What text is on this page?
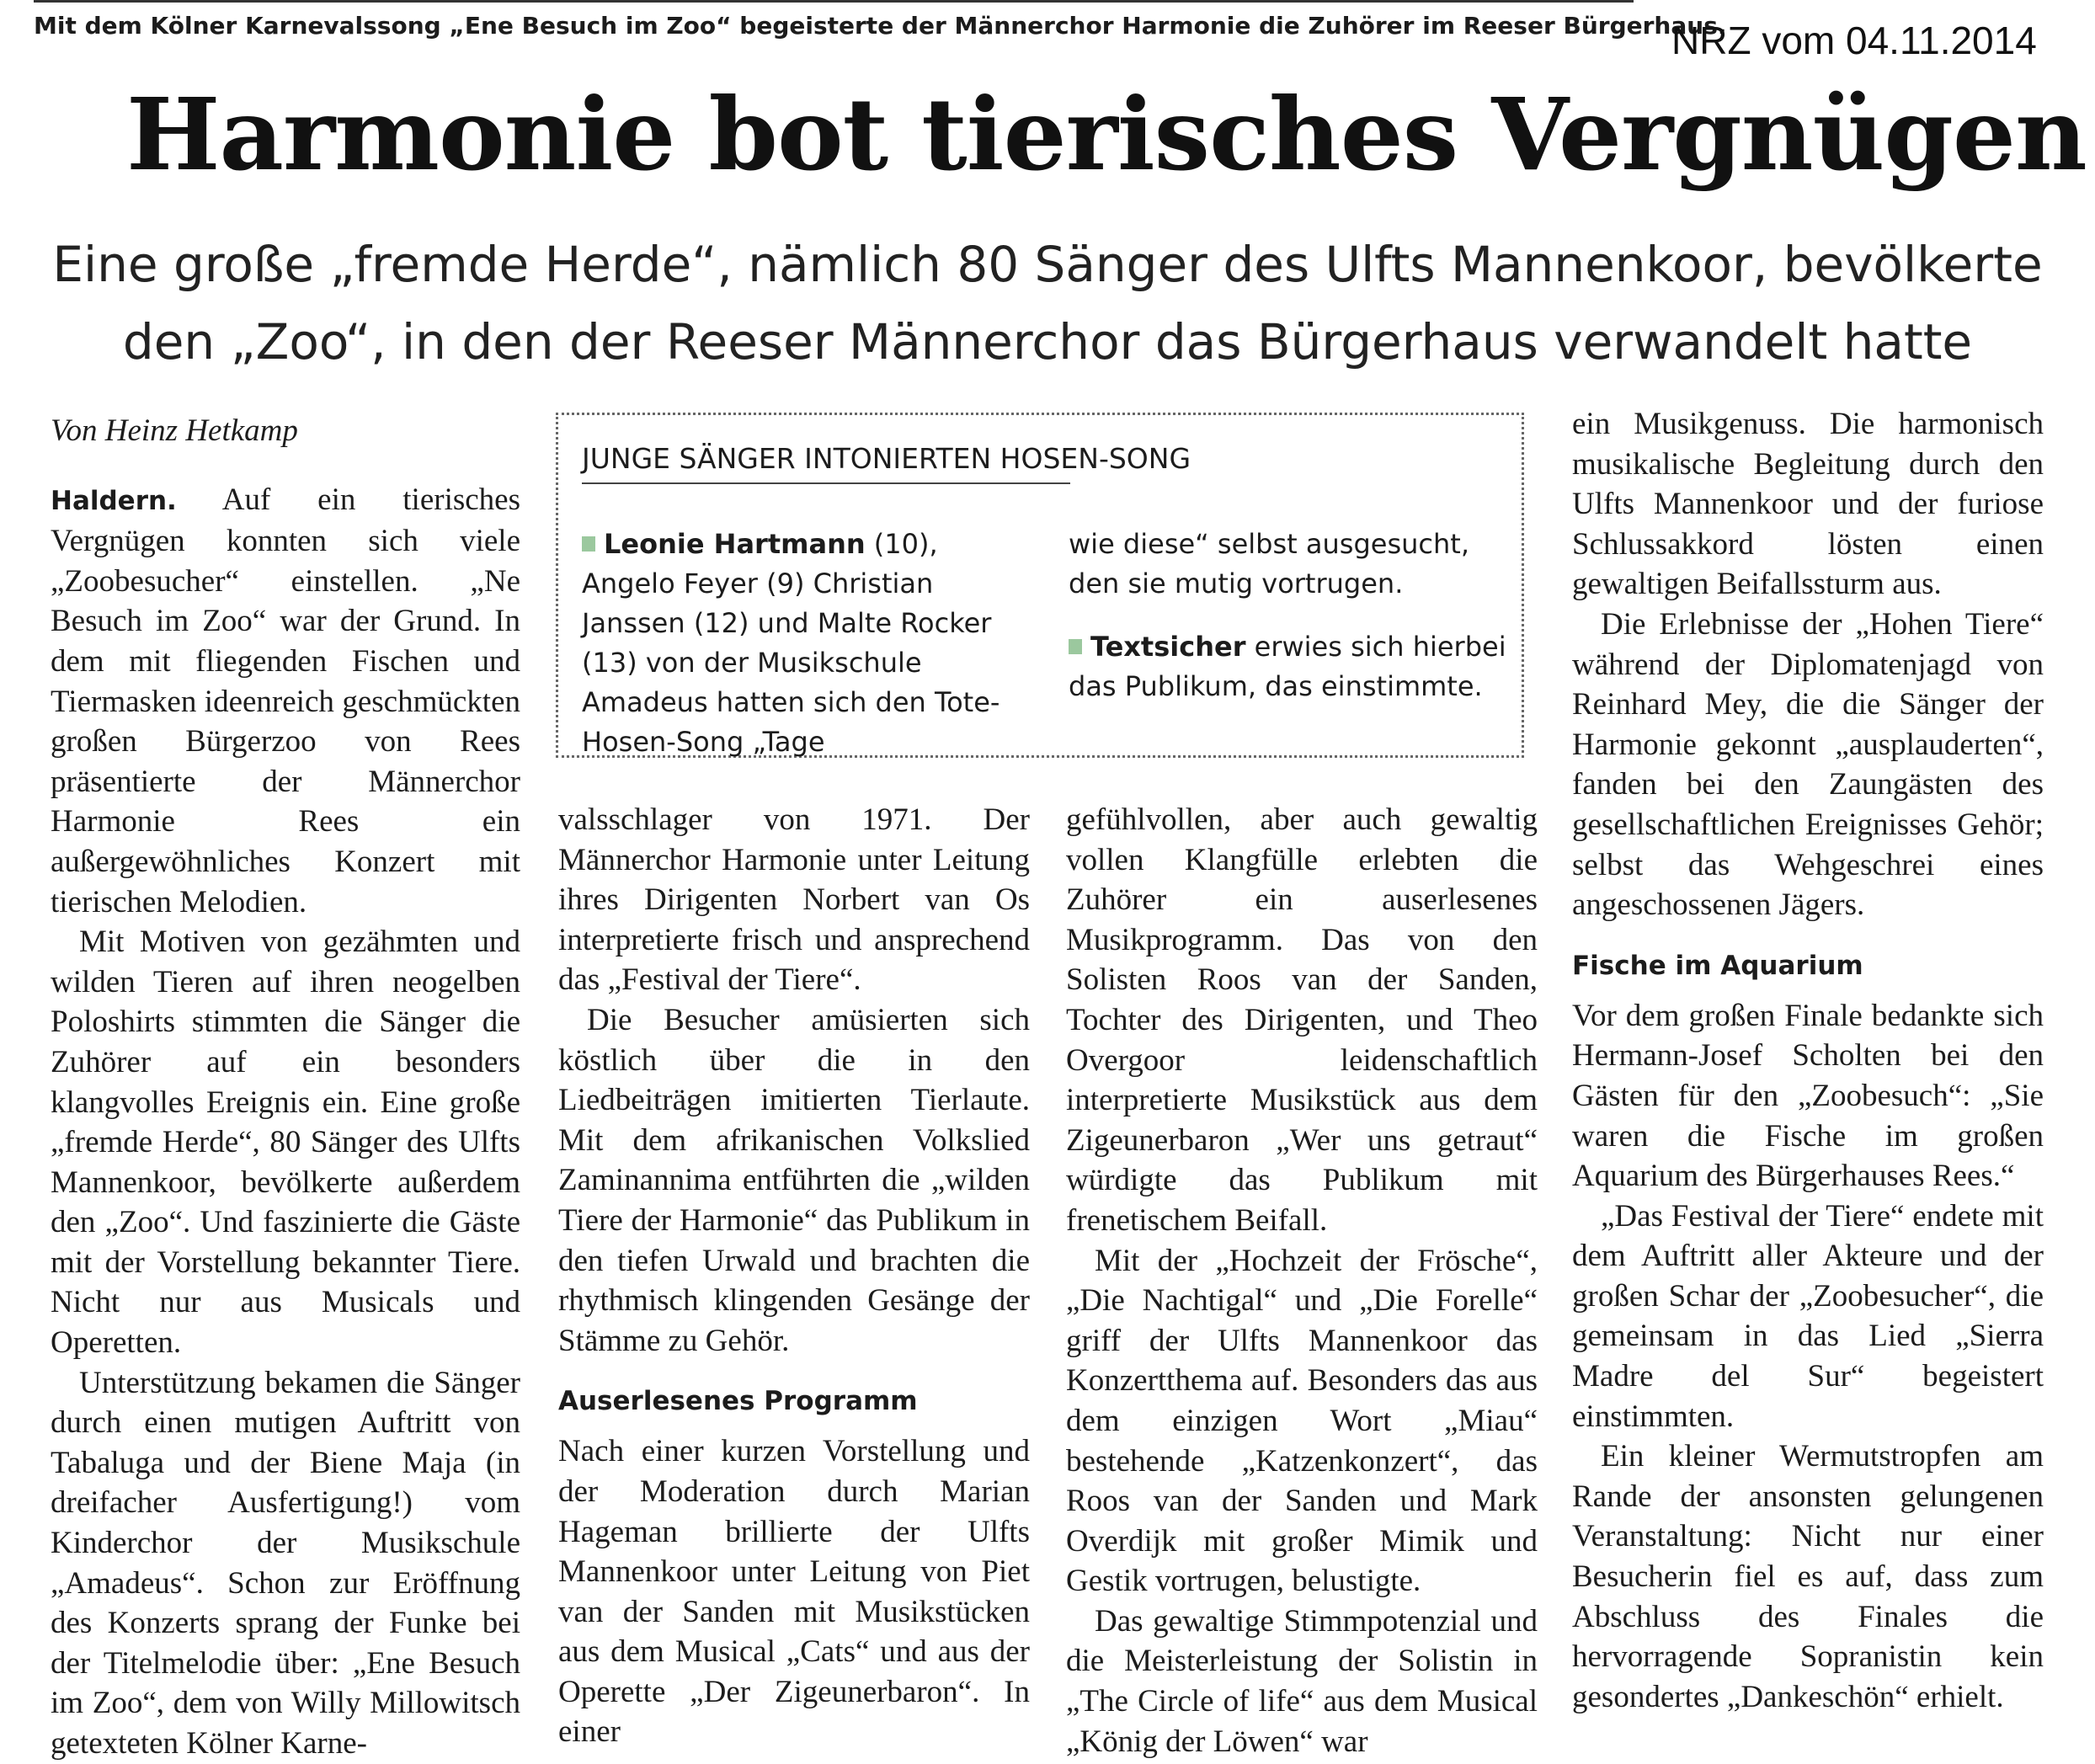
Mit dem Kölner Karnevalssong „Ene Besuch im Zoo“ begeisterte der Männerchor Harmonie die Zuhörer im Reeser Bürgerhaus.
NRZ vom 04.11.2014
Harmonie bot tierisches Vergnügen
Eine große „fremde Herde“, nämlich 80 Sänger des Ulfts Mannenkoor, bevölkerte
den „Zoo“, in den der Reeser Männerchor das Bürgerhaus verwandelt hatte

Von Heinz Hetkamp

Haldern. Auf ein tierisches Vergnügen konnten sich viele „Zoobesucher“ einstellen. „Ne Besuch im Zoo“ war der Grund. In dem mit fliegenden Fischen und Tiermasken ideenreich geschmückten großen Bürgerzoo von Rees präsentierte der Männerchor Harmonie Rees ein außergewöhnliches Konzert mit tierischen Melodien.

Mit Motiven von gezähmten und wilden Tieren auf ihren neogelben Poloshirts stimmten die Sänger die Zuhörer auf ein besonders klangvolles Ereignis ein. Eine große „fremde Herde“, 80 Sänger des Ulfts Mannenkoor, bevölkerte außerdem den „Zoo“. Und faszinierte die Gäste mit der Vorstellung bekannter Tiere. Nicht nur aus Musicals und Operetten.

Unterstützung bekamen die Sänger durch einen mutigen Auftritt von Tabaluga und der Biene Maja (in dreifacher Ausfertigung!) vom Kinderchor der Musikschule „Amadeus“. Schon zur Eröffnung des Konzerts sprang der Funke bei der Titelmelodie über: „Ene Besuch im Zoo“, dem von Willy Millowitsch getexteten Kölner Karne-

JUNGE SÄNGER INTONIERTEN HOSEN-SONG

Leonie Hartmann (10), Angelo Feyer (9) Christian Janssen (12) und Malte Rocker (13) von der Musikschule Amadeus hatten sich den Tote-Hosen-Song „Tage

wie diese“ selbst ausgesucht, den sie mutig vortrugen.

Textsicher erwies sich hierbei das Publikum, das einstimmte.

valsschlager von 1971. Der Männerchor Harmonie unter Leitung ihres Dirigenten Norbert van Os interpretierte frisch und ansprechend das „Festival der Tiere“.

Die Besucher amüsierten sich köstlich über die in den Liedbeiträgen imitierten Tierlaute. Mit dem afrikanischen Volkslied Zaminannima entführten die „wilden Tiere der Harmonie“ das Publikum in den tiefen Urwald und brachten die rhythmisch klingenden Gesänge der Stämme zu Gehör.

Auserlesenes Programm

Nach einer kurzen Vorstellung und der Moderation durch Marian Hageman brillierte der Ulfts Mannenkoor unter Leitung von Piet van der Sanden mit Musikstücken aus dem Musical „Cats“ und aus der Operette „Der Zigeunerbaron“. In einer

gefühlvollen, aber auch gewaltig vollen Klangfülle erlebten die Zuhörer ein auserlesenes Musikprogramm. Das von den Solisten Roos van der Sanden, Tochter des Dirigenten, und Theo Overgoor leidenschaftlich interpretierte Musikstück aus dem Zigeunerbaron „Wer uns getraut“ würdigte das Publikum mit frenetischem Beifall.

Mit der „Hochzeit der Frösche“, „Die Nachtigal“ und „Die Forelle“ griff der Ulfts Mannenkoor das Konzertthema auf. Besonders das aus dem einzigen Wort „Miau“ bestehende „Katzenkonzert“, das Roos van der Sanden und Mark Overdijk mit großer Mimik und Gestik vortrugen, belustigte.

Das gewaltige Stimmpotenzial und die Meisterleistung der Solistin in „The Circle of life“ aus dem Musical „König der Löwen“ war

ein Musikgenuss. Die harmonisch musikalische Begleitung durch den Ulfts Mannenkoor und der furiose Schlussakkord lösten einen gewaltigen Beifallssturm aus.

Die Erlebnisse der „Hohen Tiere“ während der Diplomatenjagd von Reinhard Mey, die die Sänger der Harmonie gekonnt „ausplauderten“, fanden bei den Zaungästen des gesellschaftlichen Ereignisses Gehör; selbst das Wehgeschrei eines angeschossenen Jägers.

Fische im Aquarium

Vor dem großen Finale bedankte sich Hermann-Josef Scholten bei den Gästen für den „Zoobesuch“: „Sie waren die Fische im großen Aquarium des Bürgerhauses Rees.“

„Das Festival der Tiere“ endete mit dem Auftritt aller Akteure und der großen Schar der „Zoobesucher“, die gemeinsam in das Lied „Sierra Madre del Sur“ begeistert einstimmten.

Ein kleiner Wermutstropfen am Rande der ansonsten gelungenen Veranstaltung: Nicht nur einer Besucherin fiel es auf, dass zum Abschluss des Finales die hervorragende Sopranistin kein gesondertes „Dankeschön“ erhielt.
